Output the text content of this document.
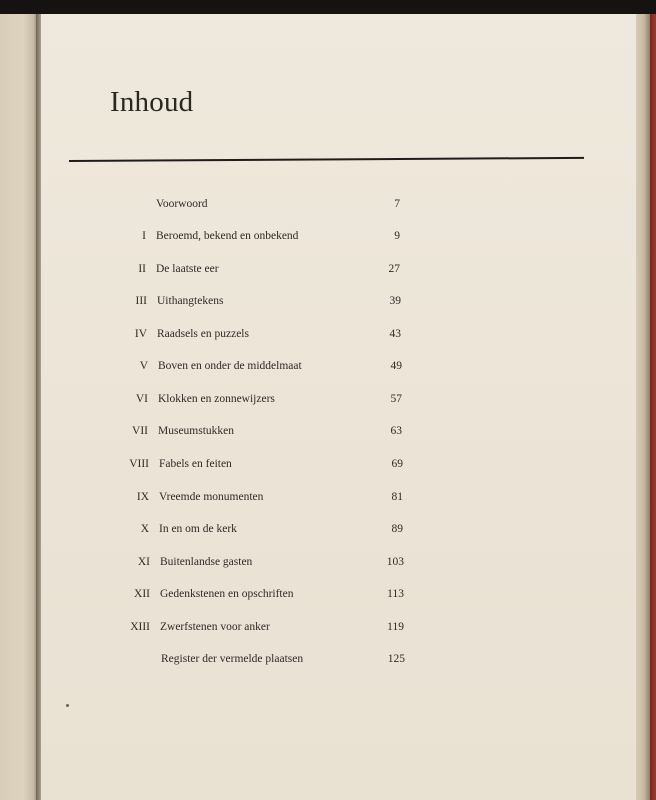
Inhoud
Voorwoord	7
I Beroemd, bekend en onbekend	9
II De laatste eer	27
III Uithangtekens	39
IV Raadsels en puzzels	43
V Boven en onder de middelmaat	49
VI Klokken en zonnewijzers	57
VII Museumstukken	63
VIII Fabels en feiten	69
IX Vreemde monumenten	81
X In en om de kerk	89
XI Buitenlandse gasten	103
XII Gedenkstenen en opschriften	113
XIII Zwerfstenen voor anker	119
Register der vermelde plaatsen	125
